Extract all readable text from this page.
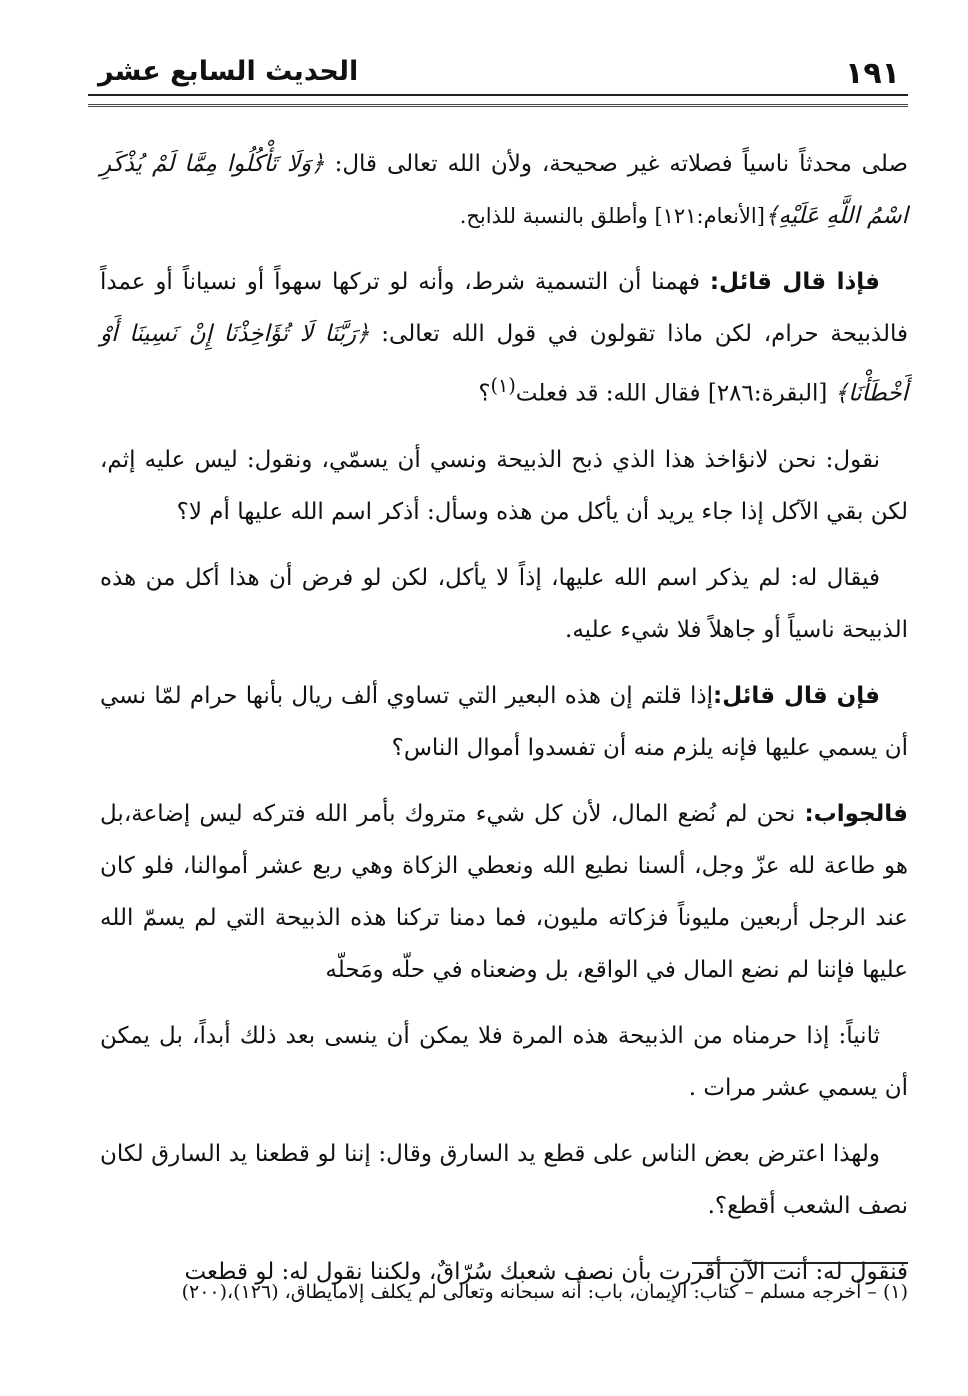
١٩١
الحديث السابع عشر

صلى محدثاً ناسياً فصلاته غير صحيحة، ولأن الله تعالى قال: ﴿وَلَا تَأْكُلُوا مِمَّا لَمْ يُذْكَرِ اسْمُ اللَّهِ عَلَيْهِ﴾[الأنعام:١٢١] وأطلق بالنسبة للذابح.

فإذا قال قائل: فهمنا أن التسمية شرط، وأنه لو تركها سهواً أو نسياناً أو عمداً فالذبيحة حرام، لكن ماذا تقولون في قول الله تعالى: ﴿رَبَّنَا لَا تُؤَاخِذْنَا إِنْ نَسِينَا أَوْ أَخْطَأْنَا﴾ [البقرة:٢٨٦] فقال الله: قد فعلت$^{(١)}$؟

نقول: نحن لانؤاخذ هذا الذي ذبح الذبيحة ونسي أن يسمّي، ونقول: ليس عليه إثم، لكن بقي الآكل إذا جاء يريد أن يأكل من هذه وسأل: أذكر اسم الله عليها أم لا؟

فيقال له: لم يذكر اسم الله عليها، إذاً لا يأكل، لكن لو فرض أن هذا أكل من هذه الذبيحة ناسياً أو جاهلاً فلا شيء عليه.

فإن قال قائل:إذا قلتم إن هذه البعير التي تساوي ألف ريال بأنها حرام لمّا نسي أن يسمي عليها فإنه يلزم منه أن تفسدوا أموال الناس؟

فالجواب: نحن لم نُضع المال، لأن كل شيء متروك بأمر الله فتركه ليس إضاعة،بل هو طاعة لله عزّ وجل، ألسنا نطيع الله ونعطي الزكاة وهي ربع عشر أموالنا، فلو كان عند الرجل أربعين مليوناً فزكاته مليون، فما دمنا تركنا هذه الذبيحة التي لم يسمّ الله عليها فإننا لم نضع المال في الواقع، بل وضعناه في حلّه ومَحلّه

ثانياً: إذا حرمناه من الذبيحة هذه المرة فلا يمكن أن ينسى بعد ذلك أبداً، بل يمكن أن يسمي عشر مرات .

ولهذا اعترض بعض الناس على قطع يد السارق وقال: إننا لو قطعنا يد السارق لكان نصف الشعب أقطع؟.

فنقول له: أنت الآن أقررت بأن نصف شعبك سُرّاقٌ، ولكننا نقول له: لو قطعت

(١) – أخرجه مسلم – كتاب: الإيمان، باب: أنه سبحانه وتعالى لم يكلف إلامايطاق، (١٢٦)،(٢٠٠)
